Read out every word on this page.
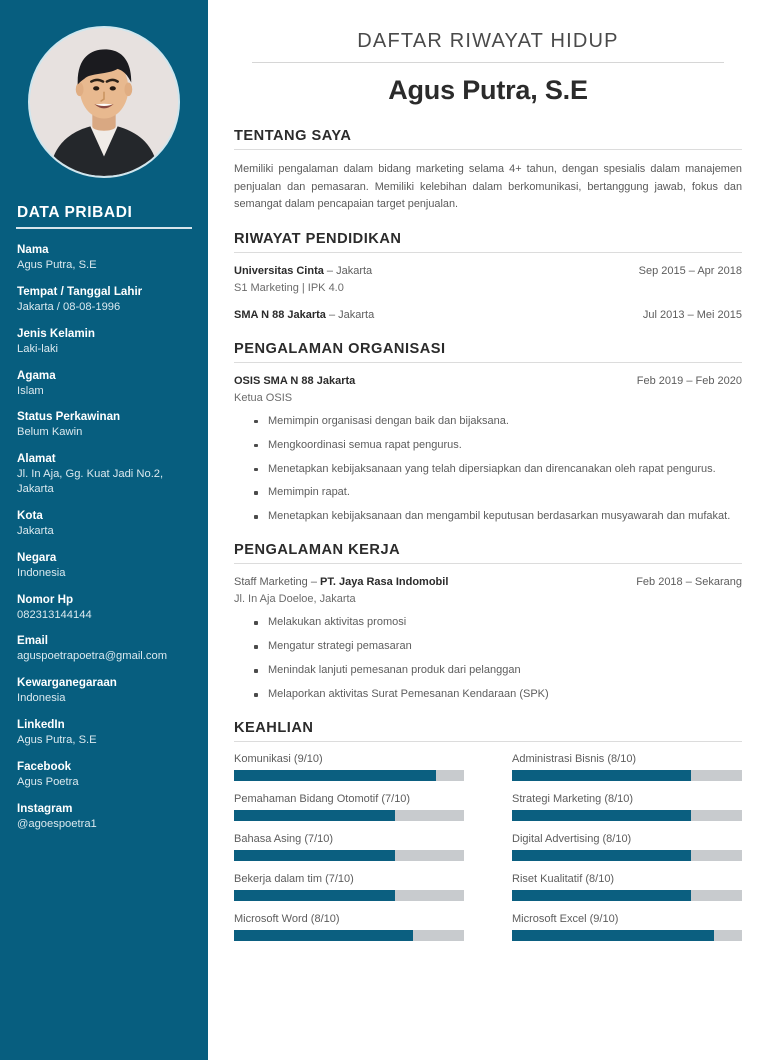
DATA PRIBADI
Nama
Agus Putra, S.E
Tempat / Tanggal Lahir
Jakarta / 08-08-1996
Jenis Kelamin
Laki-laki
Agama
Islam
Status Perkawinan
Belum Kawin
Alamat
Jl. In Aja, Gg. Kuat Jadi No.2, Jakarta
Kota
Jakarta
Negara
Indonesia
Nomor Hp
082313144144
Email
aguspoetrapoetra@gmail.com
Kewarganegaraan
Indonesia
LinkedIn
Agus Putra, S.E
Facebook
Agus Poetra
Instagram
@agoespoetra1
DAFTAR RIWAYAT HIDUP
Agus Putra, S.E
TENTANG SAYA

Memiliki pengalaman dalam bidang marketing selama 4+ tahun, dengan spesialis dalam manajemen penjualan dan pemasaran. Memiliki kelebihan dalam berkomunikasi, bertanggung jawab, fokus dan semangat dalam pencapaian target penjualan.

RIWAYAT PENDIDIKAN
Universitas Cinta – Jakarta	Sep 2015 – Apr 2018
S1 Marketing | IPK 4.0
SMA N 88 Jakarta – Jakarta	Jul 2013 – Mei 2015
PENGALAMAN ORGANISASI
OSIS SMA N 88 Jakarta	Feb 2019 – Feb 2020
Ketua OSIS
Memimpin organisasi dengan baik dan bijaksana.
Mengkoordinasi semua rapat pengurus.
Menetapkan kebijaksanaan yang telah dipersiapkan dan direncanakan oleh rapat pengurus.
Memimpin rapat.
Menetapkan kebijaksanaan dan mengambil keputusan berdasarkan musyawarah dan mufakat.
PENGALAMAN KERJA
Staff Marketing – PT. Jaya Rasa Indomobil	Feb 2018 – Sekarang
Jl. In Aja Doeloe, Jakarta
Melakukan aktivitas promosi
Mengatur strategi pemasaran
Menindak lanjuti pemesanan produk dari pelanggan
Melaporkan aktivitas Surat Pemesanan Kendaraan (SPK)
KEAHLIAN
Komunikasi (9/10)	Administrasi Bisnis (8/10)
Pemahaman Bidang Otomotif (7/10)	Strategi Marketing (8/10)
Bahasa Asing (7/10)	Digital Advertising (8/10)
Bekerja dalam tim (7/10)	Riset Kualitatif (8/10)
Microsoft Word (8/10)	Microsoft Excel (9/10)
